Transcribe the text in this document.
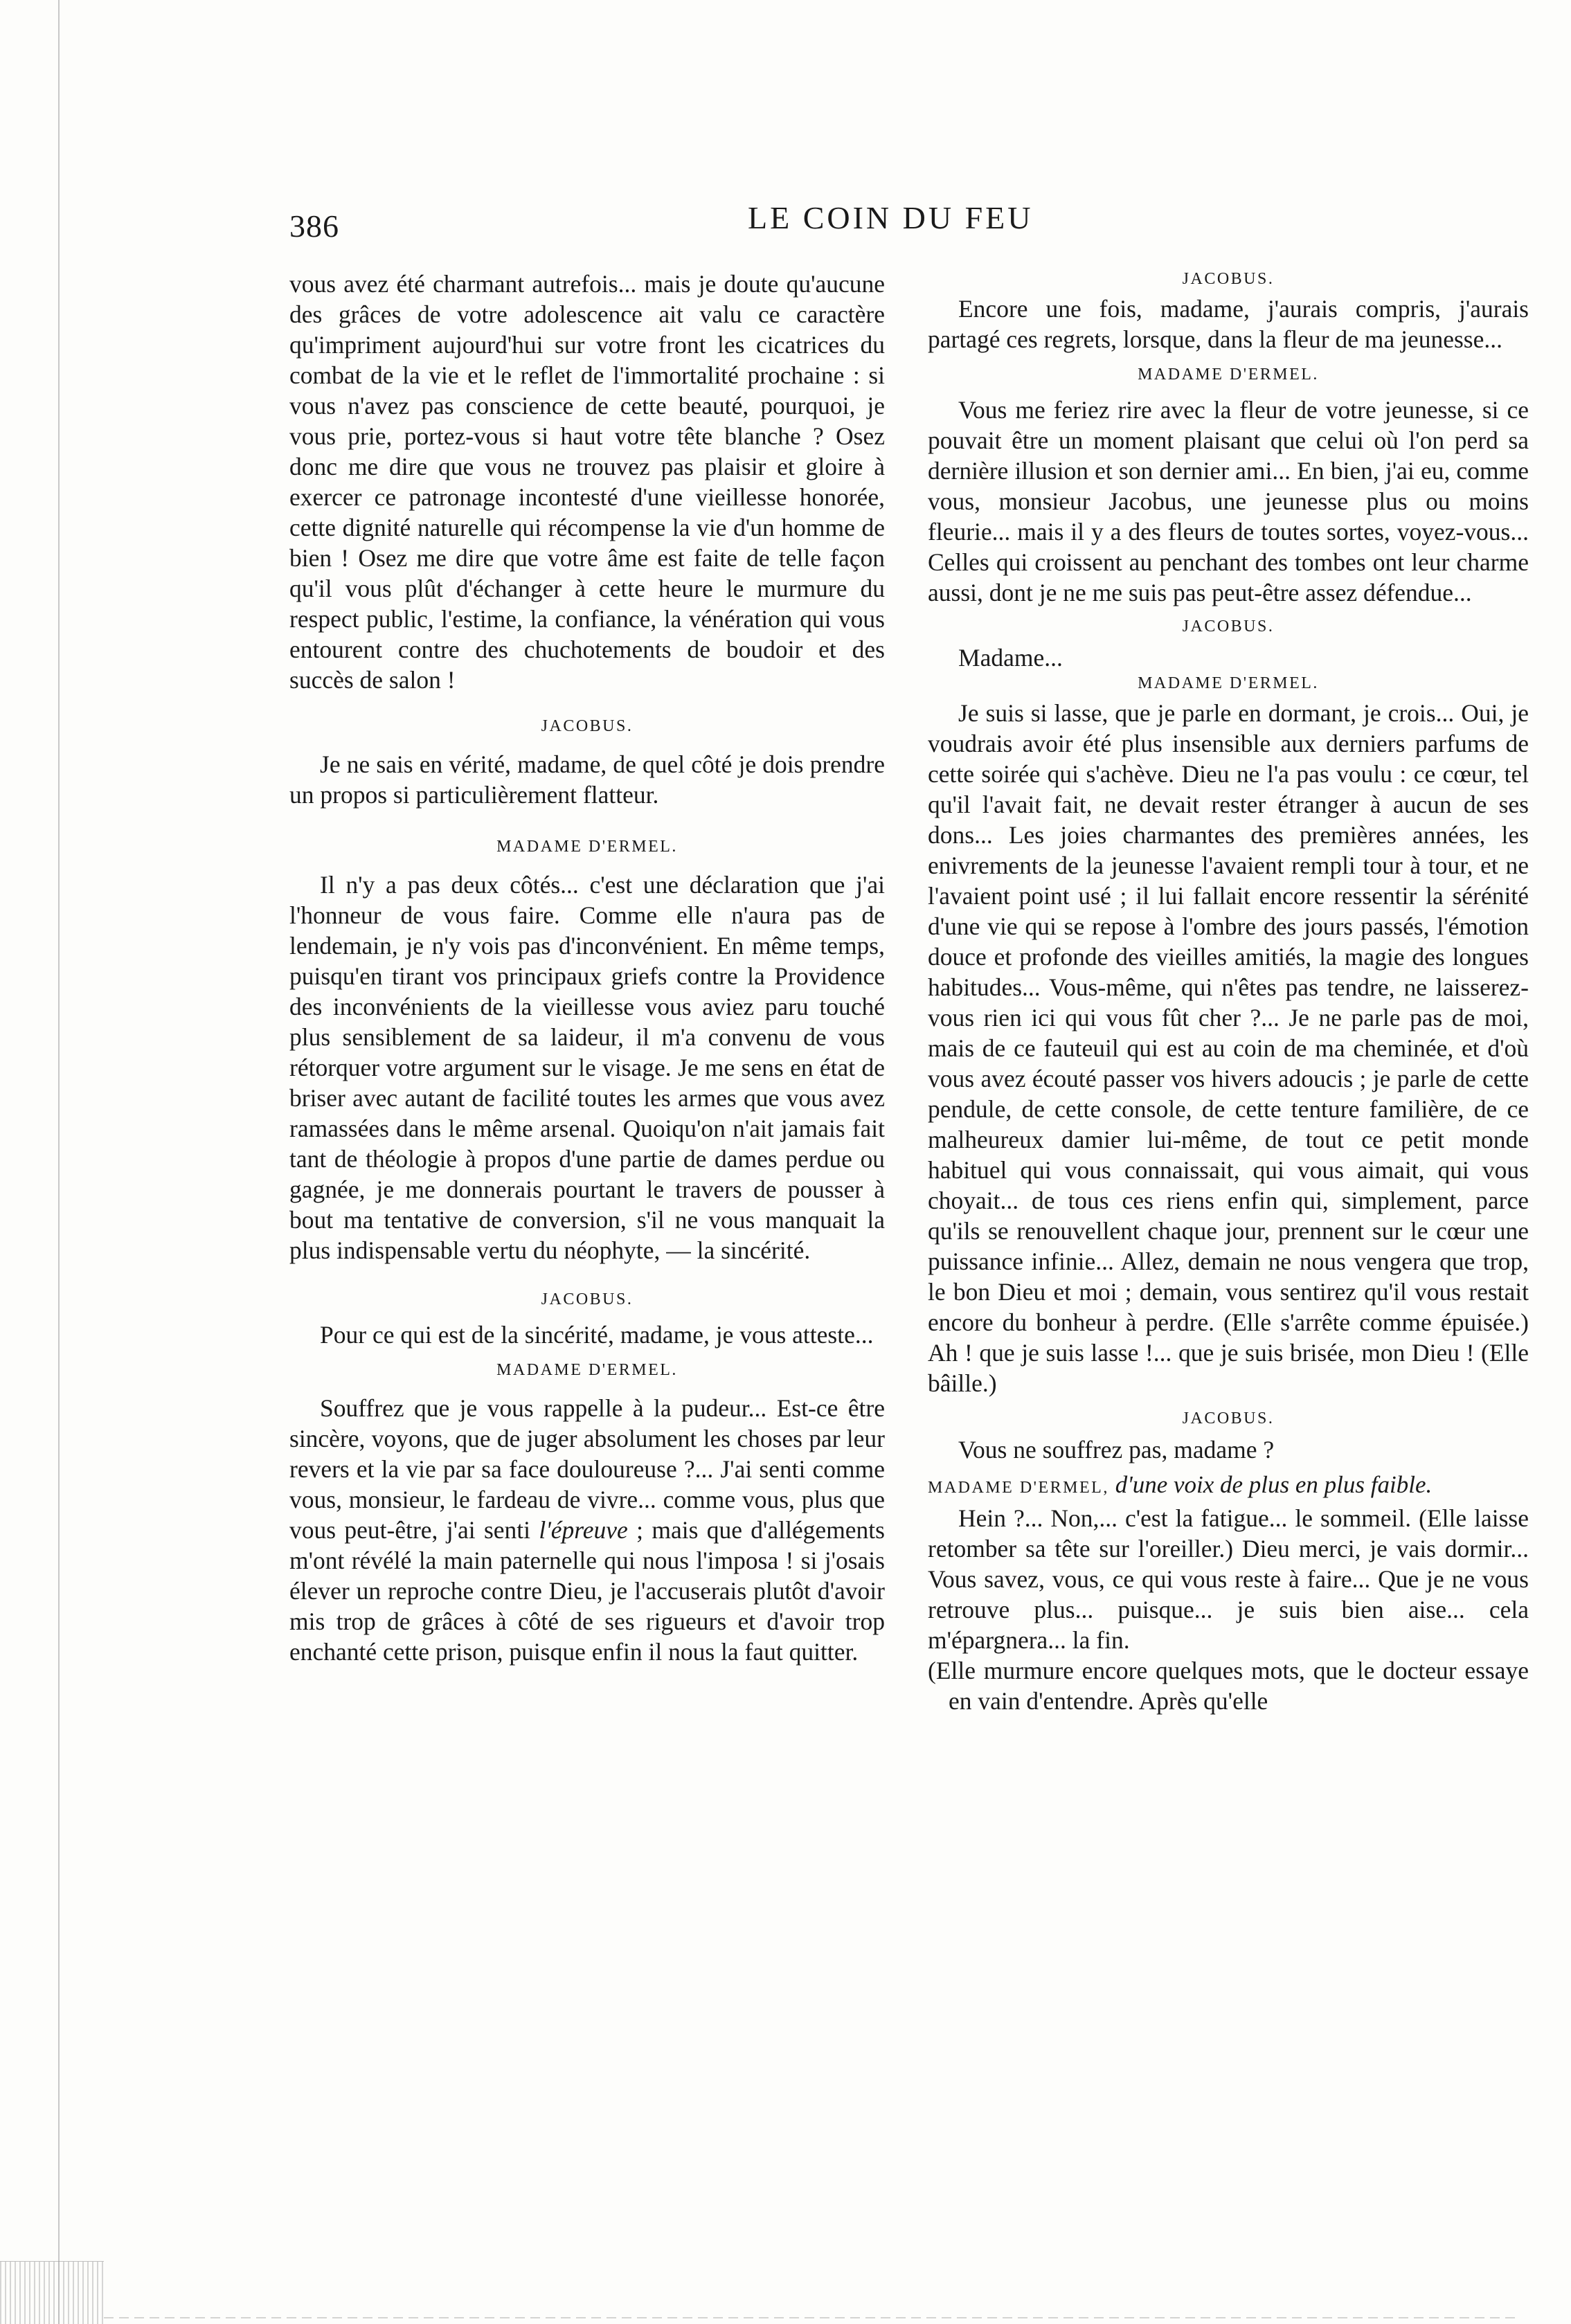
386	LE COIN DU FEU

vous avez été charmant autrefois... mais je doute qu'aucune des grâces de votre adolescence ait valu ce caractère qu'impriment aujourd'hui sur votre front les cicatrices du combat de la vie et le reflet de l'immortalité prochaine : si vous n'avez pas conscience de cette beauté, pourquoi, je vous prie, portez-vous si haut votre tête blanche ? Osez donc me dire que vous ne trouvez pas plaisir et gloire à exercer ce patronage incontesté d'une vieillesse honorée, cette dignité naturelle qui récompense la vie d'un homme de bien ! Osez me dire que votre âme est faite de telle façon qu'il vous plût d'échanger à cette heure le murmure du respect public, l'estime, la confiance, la vénération qui vous entourent contre des chuchotements de boudoir et des succès de salon !

JACOBUS.

Je ne sais en vérité, madame, de quel côté je dois prendre un propos si particulièrement flatteur.

MADAME D'ERMEL.

Il n'y a pas deux côtés... c'est une déclaration que j'ai l'honneur de vous faire. Comme elle n'aura pas de lendemain, je n'y vois pas d'inconvénient. En même temps, puisqu'en tirant vos principaux griefs contre la Providence des inconvénients de la vieillesse vous aviez paru touché plus sensiblement de sa laideur, il m'a convenu de vous rétorquer votre argument sur le visage. Je me sens en état de briser avec autant de facilité toutes les armes que vous avez ramassées dans le même arsenal. Quoiqu'on n'ait jamais fait tant de théologie à propos d'une partie de dames perdue ou gagnée, je me donnerais pourtant le travers de pousser à bout ma tentative de conversion, s'il ne vous manquait la plus indispensable vertu du néophyte, — la sincérité.

JACOBUS.

Pour ce qui est de la sincérité, madame, je vous atteste...

MADAME D'ERMEL.

Souffrez que je vous rappelle à la pudeur... Est-ce être sincère, voyons, que de juger absolument les choses par leur revers et la vie par sa face douloureuse ?... J'ai senti comme vous, monsieur, le fardeau de vivre... comme vous, plus que vous peut-être, j'ai senti l'épreuve ; mais que d'allégements m'ont révélé la main paternelle qui nous l'imposa ! si j'osais élever un reproche contre Dieu, je l'accuserais plutôt d'avoir mis trop de grâces à côté de ses rigueurs et d'avoir trop enchanté cette prison, puisque enfin il nous la faut quitter.

JACOBUS.

Encore une fois, madame, j'aurais compris, j'aurais partagé ces regrets, lorsque, dans la fleur de ma jeunesse...

MADAME D'ERMEL.

Vous me feriez rire avec la fleur de votre jeunesse, si ce pouvait être un moment plaisant que celui où l'on perd sa dernière illusion et son dernier ami... En bien, j'ai eu, comme vous, monsieur Jacobus, une jeunesse plus ou moins fleurie... mais il y a des fleurs de toutes sortes, voyez-vous... Celles qui croissent au penchant des tombes ont leur charme aussi, dont je ne me suis pas peut-être assez défendue...

JACOBUS.

Madame...

MADAME D'ERMEL.

Je suis si lasse, que je parle en dormant, je crois... Oui, je voudrais avoir été plus insensible aux derniers parfums de cette soirée qui s'achève. Dieu ne l'a pas voulu : ce cœur, tel qu'il l'avait fait, ne devait rester étranger à aucun de ses dons... Les joies charmantes des premières années, les enivrements de la jeunesse l'avaient rempli tour à tour, et ne l'avaient point usé ; il lui fallait encore ressentir la sérénité d'une vie qui se repose à l'ombre des jours passés, l'émotion douce et profonde des vieilles amitiés, la magie des longues habitudes... Vous-même, qui n'êtes pas tendre, ne laisserez-vous rien ici qui vous fût cher ?... Je ne parle pas de moi, mais de ce fauteuil qui est au coin de ma cheminée, et d'où vous avez écouté passer vos hivers adoucis ; je parle de cette pendule, de cette console, de cette tenture familière, de ce malheureux damier lui-même, de tout ce petit monde habituel qui vous connaissait, qui vous aimait, qui vous choyait... de tous ces riens enfin qui, simplement, parce qu'ils se renouvellent chaque jour, prennent sur le cœur une puissance infinie... Allez, demain ne nous vengera que trop, le bon Dieu et moi ; demain, vous sentirez qu'il vous restait encore du bonheur à perdre. (Elle s'arrête comme épuisée.) Ah ! que je suis lasse !... que je suis brisée, mon Dieu ! (Elle bâille.)

JACOBUS.

Vous ne souffrez pas, madame ?

MADAME D'ERMEL, d'une voix de plus en plus faible.

Hein ?... Non,... c'est la fatigue... le sommeil. (Elle laisse retomber sa tête sur l'oreiller.) Dieu merci, je vais dormir... Vous savez, vous, ce qui vous reste à faire... Que je ne vous retrouve plus... puisque... je suis bien aise... cela m'épargnera... la fin.

(Elle murmure encore quelques mots, que le docteur essaye en vain d'entendre. Après qu'elle
